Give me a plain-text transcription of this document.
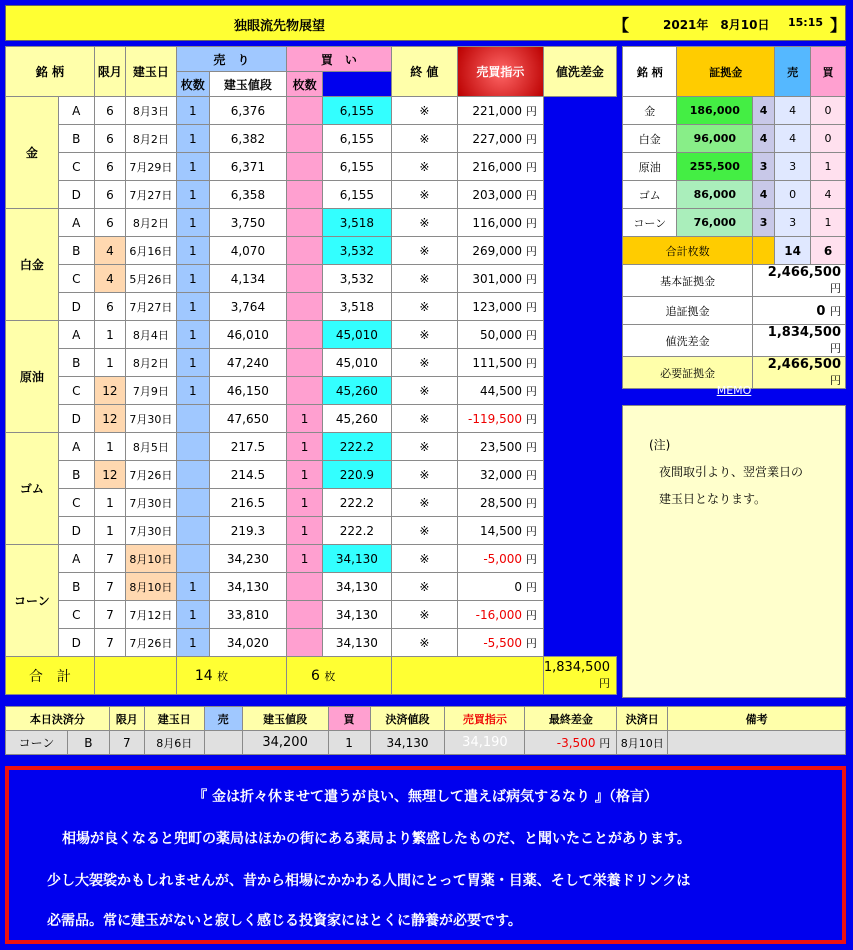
独眼流先物展望	【	2021年　8月10日 15:15 】
銘 柄		限月	建玉日	売　り		買　い		終 値	売買指示	値洗差金
				枚数	建玉値段	枚数				
金	A	6	8月3日	1	6,376		6,155	※	221,000 円	
	B	6	8月2日	1	6,382		6,155	※	227,000 円	
	C	6	7月29日	1	6,371		6,155	※	216,000 円	
	D	6	7月27日	1	6,358		6,155	※	203,000 円	
白金	A	6	8月2日	1	3,750		3,518	※	116,000 円	
	B	4	6月16日	1	4,070		3,532	※	269,000 円	
	C	4	5月26日	1	4,134		3,532	※	301,000 円	
	D	6	7月27日	1	3,764		3,518	※	123,000 円	
原油	A	1	8月4日	1	46,010		45,010	※	50,000 円	
	B	1	8月2日	1	47,240		45,010	※	111,500 円	
	C	12	7月9日	1	46,150		45,260	※	44,500 円	
	D	12	7月30日		47,650	1	45,260	※	-119,500 円	
ゴム	A	1	8月5日		217.5	1	222.2	※	23,500 円	
	B	12	7月26日		214.5	1	220.9	※	32,000 円	
	C	1	7月30日		216.5	1	222.2	※	28,500 円	
	D	1	7月30日		219.3	1	222.2	※	14,500 円	
コーン	A	7	8月10日		34,230	1	34,130	※	-5,000 円	
	B	7	8月10日	1	34,130		34,130	※	0 円	
	C	7	7月12日	1	33,810		34,130	※	-16,000 円	
	D	7	7月26日	1	34,020		34,130	※	-5,500 円	
合　計				14 枚		6 枚				1,834,500 円
銘 柄	証拠金		売	買
金	186,000	4	4	0
白金	96,000	4	4	0
原油	255,500	3	3	1
ゴム	86,000	4	0	4
コーン	76,000	3	3	1
合計枚数			14	6
基本証拠金		2,466,500 円		
追証拠金		0 円		
値洗差金		1,834,500 円		
必要証拠金		2,466,500 円		
MEMO
(注)
夜間取引より、翌営業日の
建玉日となります。
本日決済分		限月	建玉日	売	建玉値段	買	決済値段	売買指示	最終差金	決済日	備考
コーン	B	7	8月6日		34,200	1	34,130	34,190	-3,500 円	8月10日	

『 金は折々休ませて遣うが良い、無理して遣えば病気するなり 』（格言）

相場が良くなると兜町の薬局はほかの街にある薬局より繁盛したものだ、と聞いたことがあります。

少し大袈裟かもしれませんが、昔から相場にかかわる人間にとって胃薬・目薬、そして栄養ドリンクは

必需品。常に建玉がないと寂しく感じる投資家にはとくに静養が必要です。
